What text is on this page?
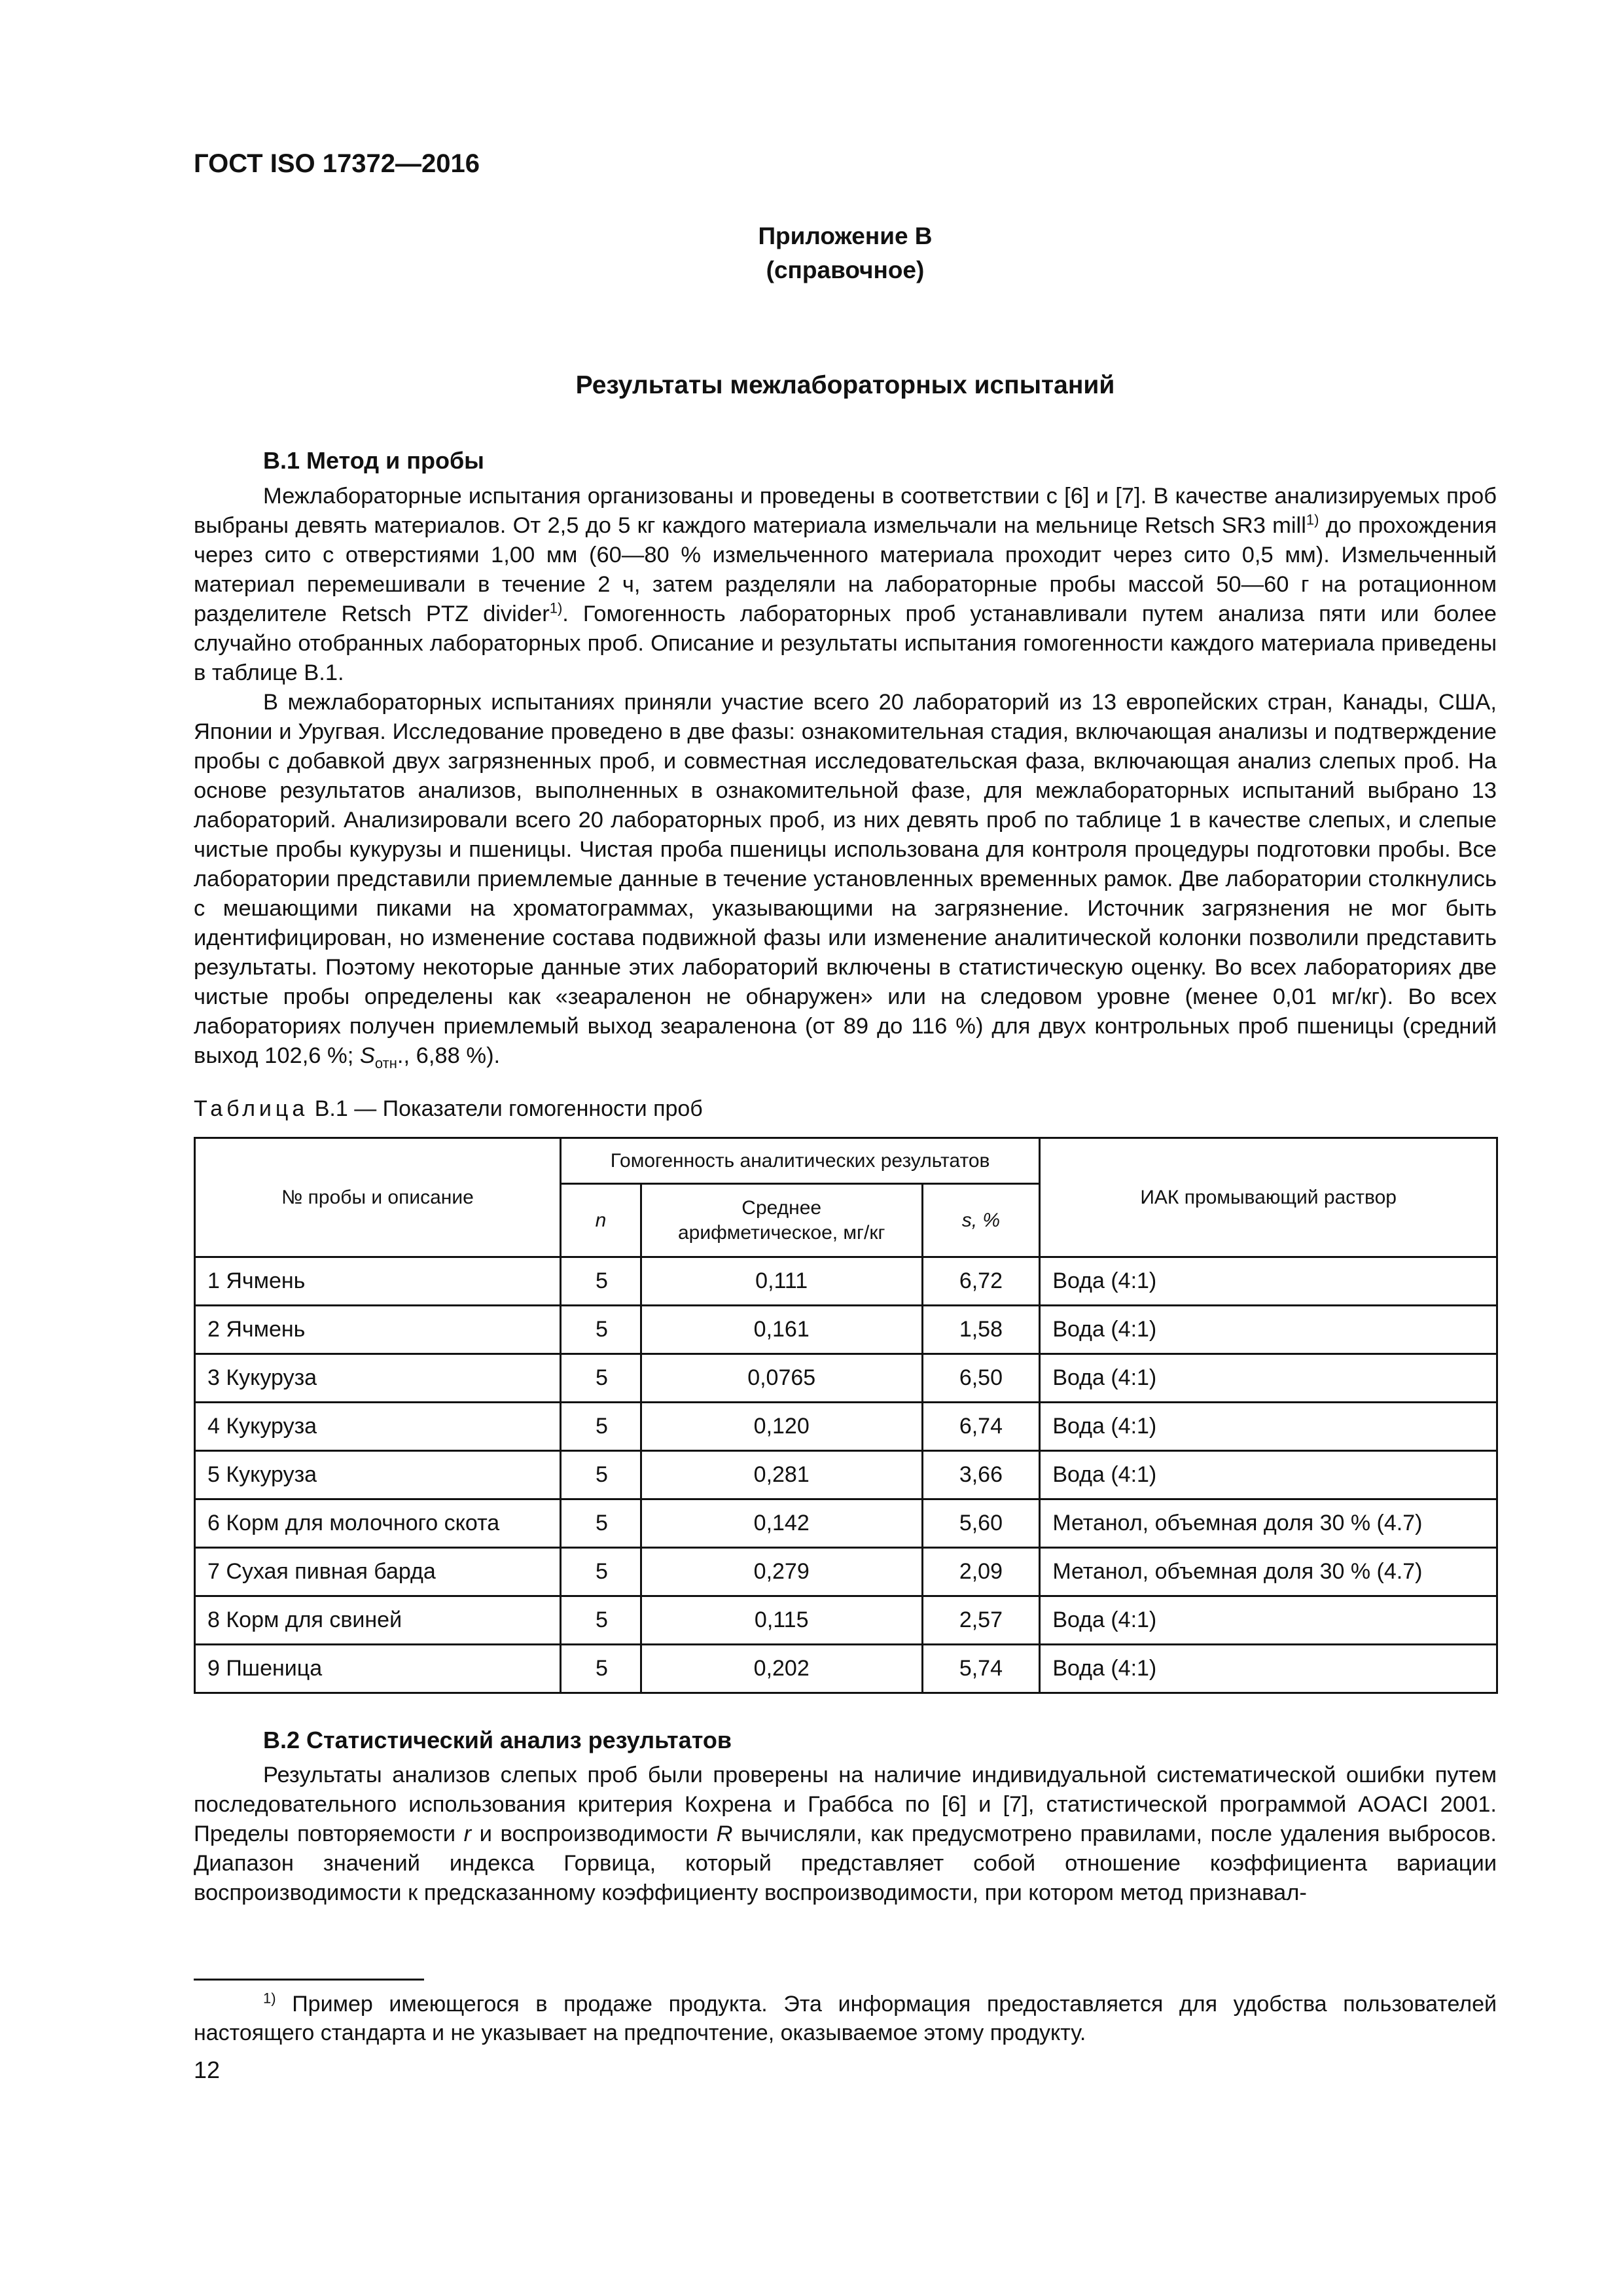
ГОСТ ISO 17372—2016
Приложение В
(справочное)
Результаты межлабораторных испытаний
В.1 Метод и пробы

Межлабораторные испытания организованы и проведены в соответствии с [6] и [7]. В качестве анализируемых проб выбраны девять материалов. От 2,5 до 5 кг каждого материала измельчали на мельнице Retsch SR3 mill$^{1)}$ до прохождения через сито с отверстиями 1,00 мм (60—80 % измельченного материала проходит через сито 0,5 мм). Измельченный материал перемешивали в течение 2 ч, затем разделяли на лабораторные пробы массой 50—60 г на ротационном разделителе Retsch PTZ divider$^{1)}$. Гомогенность лабораторных проб устанавливали путем анализа пяти или более случайно отобранных лабораторных проб. Описание и результаты испытания гомогенности каждого материала приведены в таблице В.1.

В межлабораторных испытаниях приняли участие всего 20 лабораторий из 13 европейских стран, Канады, США, Японии и Уругвая. Исследование проведено в две фазы: ознакомительная стадия, включающая анализы и подтверждение пробы с добавкой двух загрязненных проб, и совместная исследовательская фаза, включающая анализ слепых проб. На основе результатов анализов, выполненных в ознакомительной фазе, для межлабораторных испытаний выбрано 13 лабораторий. Анализировали всего 20 лабораторных проб, из них девять проб по таблице 1 в качестве слепых, и слепые чистые пробы кукурузы и пшеницы. Чистая проба пшеницы использована для контроля процедуры подготовки пробы. Все лаборатории представили приемлемые данные в течение установленных временных рамок. Две лаборатории столкнулись с мешающими пиками на хроматограммах, указывающими на загрязнение. Источник загрязнения не мог быть идентифицирован, но изменение состава подвижной фазы или изменение аналитической колонки позволили представить результаты. Поэтому некоторые данные этих лабораторий включены в статистическую оценку. Во всех лабораториях две чистые пробы определены как «зеараленон не обнаружен» или на следовом уровне (менее 0,01 мг/кг). Во всех лабораториях получен приемлемый выход зеараленона (от 89 до 116 %) для двух контрольных проб пшеницы (средний выход 102,6 %; $S_{отн}$., 6,88 %).

Таблица В.1 — Показатели гомогенности проб
№ пробы и описание	Гомогенность аналитических результатов			ИАК промывающий раствор
	n	Среднее арифметическое, мг/кг	s, %	
1 Ячмень	5	0,111	6,72	Вода (4:1)
2 Ячмень	5	0,161	1,58	Вода (4:1)
3 Кукуруза	5	0,0765	6,50	Вода (4:1)
4 Кукуруза	5	0,120	6,74	Вода (4:1)
5 Кукуруза	5	0,281	3,66	Вода (4:1)
6 Корм для молочного скота	5	0,142	5,60	Метанол, объемная доля 30 % (4.7)
7 Сухая пивная барда	5	0,279	2,09	Метанол, объемная доля 30 % (4.7)
8 Корм для свиней	5	0,115	2,57	Вода (4:1)
9 Пшеница	5	0,202	5,74	Вода (4:1)
В.2 Статистический анализ результатов

Результаты анализов слепых проб были проверены на наличие индивидуальной систематической ошибки путем последовательного использования критерия Кохрена и Граббса по [6] и [7], статистической программой AOACI 2001. Пределы повторяемости r и воспроизводимости R вычисляли, как предусмотрено правилами, после удаления выбросов. Диапазон значений индекса Горвица, который представляет собой отношение коэффициента вариации воспроизводимости к предсказанному коэффициенту воспроизводимости, при котором метод признавал-

$^{1)}$ Пример имеющегося в продаже продукта. Эта информация предоставляется для удобства пользователей настоящего стандарта и не указывает на предпочтение, оказываемое этому продукту.

12
